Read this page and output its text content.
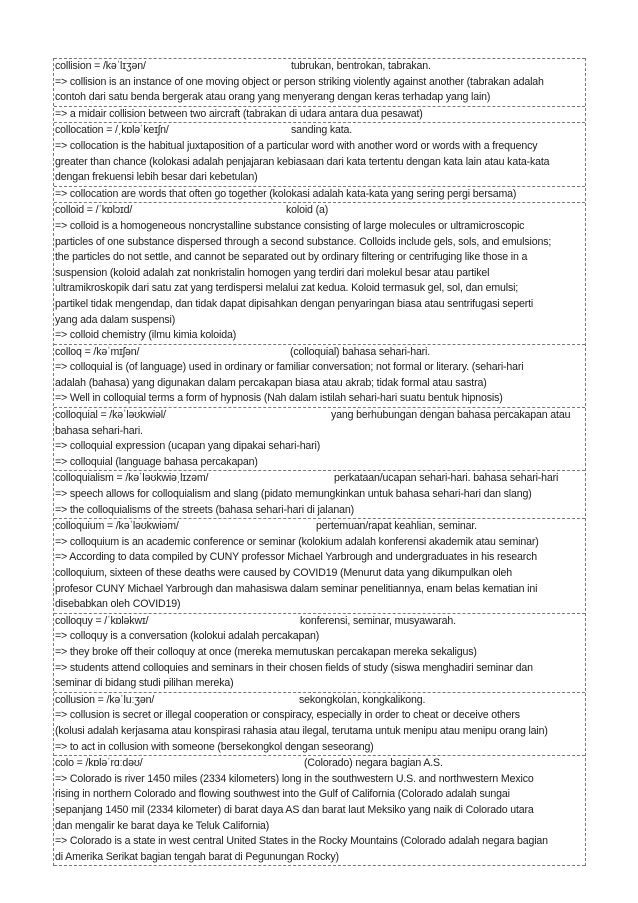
collision = /kəˈlɪʒən/	tubrukan, bentrokan, tabrakan.
=> collision is an instance of one moving object or person striking violently against another (tabrakan adalah
contoh dari satu benda bergerak atau orang yang menyerang dengan keras terhadap yang lain)
=> a midair collision between two aircraft (tabrakan di udara antara dua pesawat)
collocation = /ˌkɒləˈkeɪʃn/	sanding kata.
=> collocation is the habitual juxtaposition of a particular word with another word or words with a frequency
greater than chance (kolokasi adalah penjajaran kebiasaan dari kata tertentu dengan kata lain atau kata-kata
dengan frekuensi lebih besar dari kebetulan)
=> collocation are words that often go together (kolokasi adalah kata-kata yang sering pergi bersama)
colloid = /ˈkɒlɔɪd/	koloid (a)
=> colloid is a homogeneous noncrystalline substance consisting of large molecules or ultramicroscopic
particles of one substance dispersed through a second substance. Colloids include gels, sols, and emulsions;
the particles do not settle, and cannot be separated out by ordinary filtering or centrifuging like those in a
suspension (koloid adalah zat nonkristalin homogen yang terdiri dari molekul besar atau partikel
ultramikroskopik dari satu zat yang terdispersi melalui zat kedua. Koloid termasuk gel, sol, dan emulsi;
partikel tidak mengendap, dan tidak dapat dipisahkan dengan penyaringan biasa atau sentrifugasi seperti
yang ada dalam suspensi)
=> colloid chemistry (ilmu kimia koloida)
colloq = /kəˈmɪʃən/	(colloquial) bahasa sehari-hari.
=> colloquial is (of language) used in ordinary or familiar conversation; not formal or literary. (sehari-hari
adalah (bahasa) yang digunakan dalam percakapan biasa atau akrab; tidak formal atau sastra)
=> Well in colloquial terms a form of hypnosis (Nah dalam istilah sehari-hari suatu bentuk hipnosis)
colloquial = /kəˈləʊkwiəl/	yang berhubungan dengan bahasa percakapan atau
bahasa sehari-hari.
=> colloquial expression (ucapan yang dipakai sehari-hari)
=> colloquial (language bahasa percakapan)
colloquialism = /kəˈləʊkwiəˌlɪzəm/	perkataan/ucapan sehari-hari. bahasa sehari-hari
=> speech allows for colloquialism and slang (pidato memungkinkan untuk bahasa sehari-hari dan slang)
=> the colloquialisms of the streets (bahasa sehari-hari di jalanan)
colloquium = /kəˈləʊkwiəm/	pertemuan/rapat keahlian, seminar.
=> colloquium is an academic conference or seminar (kolokium adalah konferensi akademik atau seminar)
=> According to data compiled by CUNY professor Michael Yarbrough and undergraduates in his research
colloquium, sixteen of these deaths were caused by COVID19 (Menurut data yang dikumpulkan oleh
profesor CUNY Michael Yarbrough dan mahasiswa dalam seminar penelitiannya, enam belas kematian ini
disebabkan oleh COVID19)
colloquy = /ˈkɒləkwɪ/	konferensi, seminar, musyawarah.
=> colloquy is a conversation (kolokui adalah percakapan)
=> they broke off their colloquy at once (mereka memutuskan percakapan mereka sekaligus)
=> students attend colloquies and seminars in their chosen fields of study (siswa menghadiri seminar dan
seminar di bidang studi pilihan mereka)
collusion = /kəˈluːʒən/	sekongkolan, kongkalikong.
=> collusion is secret or illegal cooperation or conspiracy, especially in order to cheat or deceive others
(kolusi adalah kerjasama atau konspirasi rahasia atau ilegal, terutama untuk menipu atau menipu orang lain)
=> to act in collusion with someone (bersekongkol dengan seseorang)
colo = /kɒləˈrɑːdəʊ/	(Colorado) negara bagian A.S.
=> Colorado is river 1450 miles (2334 kilometers) long in the southwestern U.S. and northwestern Mexico
rising in northern Colorado and flowing southwest into the Gulf of California (Colorado adalah sungai
sepanjang 1450 mil (2334 kilometer) di barat daya AS dan barat laut Meksiko yang naik di Colorado utara
dan mengalir ke barat daya ke Teluk California)
=> Colorado is a state in west central United States in the Rocky Mountains (Colorado adalah negara bagian
di Amerika Serikat bagian tengah barat di Pegunungan Rocky)
